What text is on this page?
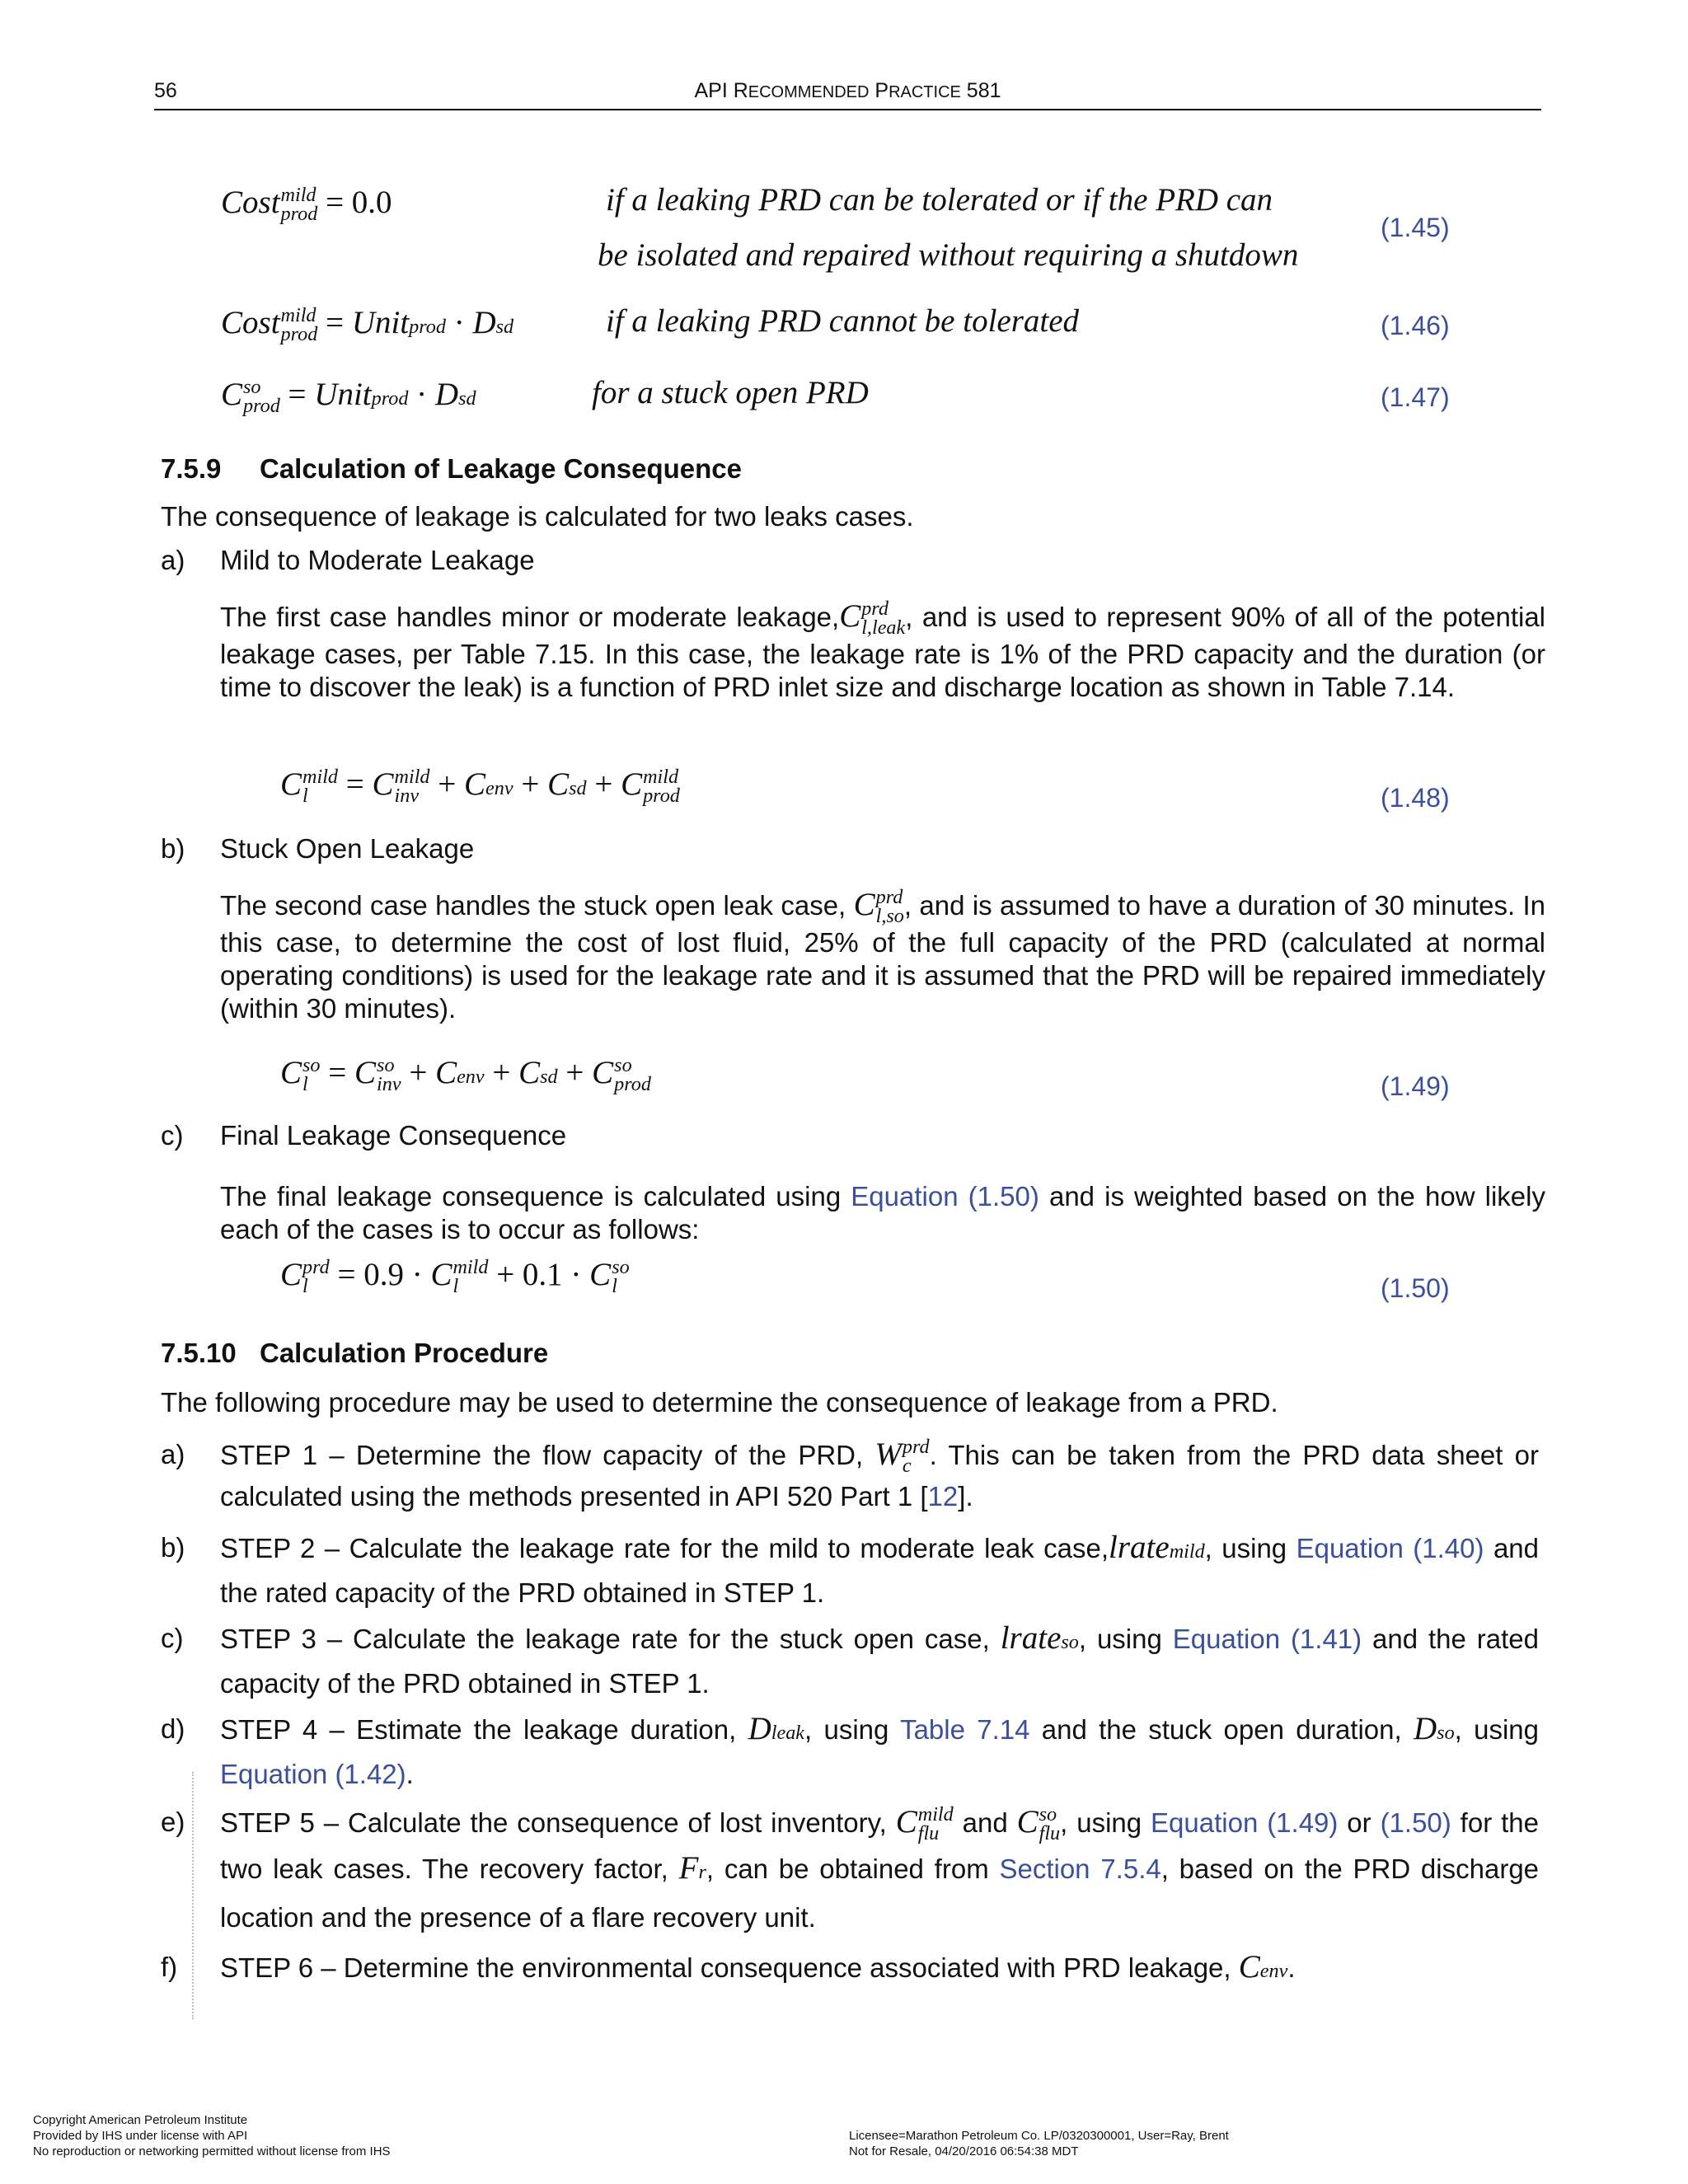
56	API RECOMMENDED PRACTICE 581
Cost mild
prod = 0.0	if a leaking PRD can be tolerated or if the PRD can
be isolated and repaired without requiring a shutdown
(1.45)
Cost mild
prod = Unitprod · Dsd	if a leaking PRD cannot be tolerated	(1.46)
C so
prod = Unitprod · Dsd	for a stuck open PRD	(1.47)
7.5.9 Calculation of Leakage Consequence
The consequence of leakage is calculated for two leaks cases.
a) Mild to Moderate Leakage
The first case handles minor or moderate leakage,C prd
l,leak , and is used to represent 90% of all of the potential leakage cases, per Table 7.15. In this case, the leakage rate is 1% of the PRD capacity and the duration (or time to discover the leak) is a function of PRD inlet size and discharge location as shown in Table 7.14.
C mild
l = C mild
inv + Cenv + Csd + C mild
prod	(1.48)
b) Stuck Open Leakage
The second case handles the stuck open leak case, C prd
l,so , and is assumed to have a duration of 30 minutes. In this case, to determine the cost of lost fluid, 25% of the full capacity of the PRD (calculated at normal operating conditions) is used for the leakage rate and it is assumed that the PRD will be repaired immediately (within 30 minutes).
C so
l = C so
inv + Cenv + Csd + C so
prod	(1.49)
c) Final Leakage Consequence
The final leakage consequence is calculated using Equation (1.50) and is weighted based on the how likely each of the cases is to occur as follows:
C prd
l = 0.9 · C mild
l + 0.1 · C so
l	(1.50)
7.5.10 Calculation Procedure
The following procedure may be used to determine the consequence of leakage from a PRD.
a) STEP 1 – Determine the flow capacity of the PRD, W prd
c . This can be taken from the PRD data sheet or calculated using the methods presented in API 520 Part 1 [12].
b) STEP 2 – Calculate the leakage rate for the mild to moderate leak case,lratemild, using Equation (1.40) and the rated capacity of the PRD obtained in STEP 1.
c) STEP 3 – Calculate the leakage rate for the stuck open case, lrateso, using Equation (1.41) and the rated capacity of the PRD obtained in STEP 1.
d) STEP 4 – Estimate the leakage duration, Dleak, using Table 7.14 and the stuck open duration, Dso, using Equation (1.42).
e) STEP 5 – Calculate the consequence of lost inventory, C mild
flu and C so
flu , using Equation (1.49) or (1.50) for the two leak cases. The recovery factor, Fr, can be obtained from Section 7.5.4, based on the PRD discharge location and the presence of a flare recovery unit.
f) STEP 6 – Determine the environmental consequence associated with PRD leakage, Cenv.
Copyright American Petroleum Institute
Provided by IHS under license with API
No reproduction or networking permitted without license from IHS
Licensee=Marathon Petroleum Co. LP/0320300001, User=Ray, Brent
Not for Resale, 04/20/2016 06:54:38 MDT
